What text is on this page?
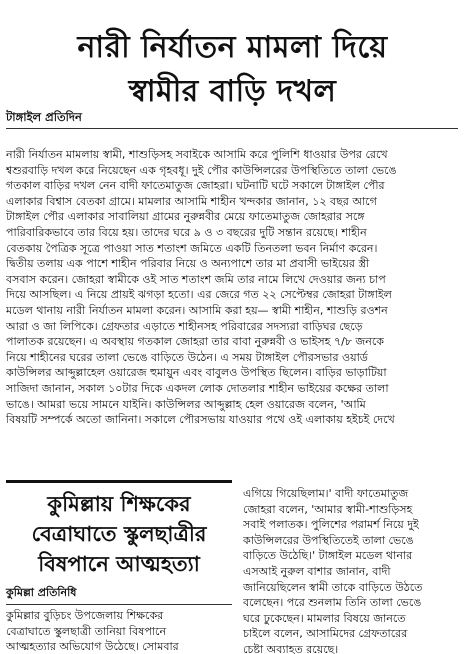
নারী নির্যাতন মামলা দিয়ে
স্বামীর বাড়ি দখল
টাঙ্গাইল প্রতিদিন
নারী নির্যাতন মামলায় স্বামী, শাশুড়িসহ সবাইকে আসামি করে পুলিশি ধাওয়ার উপর রেখে
শ্বশুরবাড়ি দখল করে নিয়েছেন এক গৃহবধূ। দুই পৌর কাউন্সিলরের উপস্থিতিতে তালা ভেঙে
গতকাল বাড়ির দখল নেন বাদী ফাতেমাতুজ জোহরা। ঘটনাটি ঘটে সকালে টাঙ্গাইল পৌর
এলাকার বিশ্বাস বেতকা গ্রামে। মামলার আসামি শাহীন খন্দকার জানান, ১২ বছর আগে
টাঙ্গাইল পৌর এলাকার সাবালিয়া গ্রামের নুরুন্নবীর মেয়ে ফাতেমাতুজ জোহরার সঙ্গে
পারিবারিকভাবে তার বিয়ে হয়। তাদের ঘরে ৯ ও ৩ বছরের দুটি সন্তান রয়েছে। শাহীন
বেতকায় পৈত্রিক সূত্রে পাওয়া সাত শতাংশ জমিতে একটি তিনতলা ভবন নির্মাণ করেন।
দ্বিতীয় তলায় এক পাশে শাহীন পরিবার নিয়ে ও অন্যপাশে তার মা প্রবাসী ভাইয়ের স্ত্রী
বসবাস করেন। জোহরা স্বামীকে ওই সাত শতাংশ জমি তার নামে লিখে দেওয়ার জন্য চাপ
দিয়ে আসছিল। এ নিয়ে প্রায়ই ঝগড়া হতো। এর জেরে গত ২২ সেপ্টেম্বর জোহরা টাঙ্গাইল
মডেল থানায় নারী নির্যাতন মামলা করেন। আসামি করা হয়— স্বামী শাহীন, শাশুড়ি রওশন
আরা ও জা লিপিকে। গ্রেফতার এড়াতে শাহীনসহ পরিবারের সদস্যরা বাড়িঘর ছেড়ে
পালাতক রয়েছেন। এ অবস্থায় গতকাল জোহরা তার বাবা নুরুন্নবী ও ভাইসহ ৭/৮ জনকে
নিয়ে শাহীনের ঘরের তালা ভেঙে বাড়িতে উঠেন। এ সময় টাঙ্গাইল পৌরসভার ওয়ার্ড
কাউন্সিলর আব্দুল্লাহেল ওয়ারেজ হুমায়ুন এবং বাবুলও উপস্থিত ছিলেন। বাড়ির ভাড়াটিয়া
সাজিদা জানান, সকাল ১০টার দিকে একদল লোক দোতলার শাহীন ভাইয়ের কক্ষের তালা
ভাঙে। আমরা ভয়ে সামনে যাইনি। কাউন্সিলর আব্দুল্লাহ হেল ওয়ারেজ বলেন, 'আমি
বিষয়টি সম্পর্কে অতো জানিনা। সকালে পৌরসভায় যাওয়ার পথে ওই এলাকায় হইচই দেখে
এগিয়ে গিয়েছিলাম।' বাদী ফাতেমাতুজ
জোহরা বলেন, 'আমার স্বামী-শাশুড়িসহ
সবাই পলাতক। পুলিশের পরামর্শ নিয়ে দুই
কাউন্সিলরের উপস্থিতিতেই তালা ভেঙে
বাড়িতে উঠেছি।' টাঙ্গাইল মডেল থানার
এসআই নুরুল বাশার জানান, বাদী
জানিয়েছিলেন স্বামী তাকে বাড়িতে উঠতে
বলেছেন। পরে শুনলাম তিনি তালা ভেঙে
ঘরে ঢুকেছেন। মামলার বিষয়ে জানতে
চাইলে বলেন, আসামিদের গ্রেফতারের
চেষ্টা অব্যাহত রয়েছে।
কুমিল্লায় শিক্ষকের
বেত্রাঘাতে স্কুলছাত্রীর
বিষপানে আত্মহত্যা
কুমিল্লা প্রতিনিধি
কুমিল্লার বুড়িচং উপজেলায় শিক্ষকের
বেত্রাঘাতে স্কুলছাত্রী তানিয়া বিষপানে
আত্মহত্যার অভিযোগ উঠেছে। সোমবার
